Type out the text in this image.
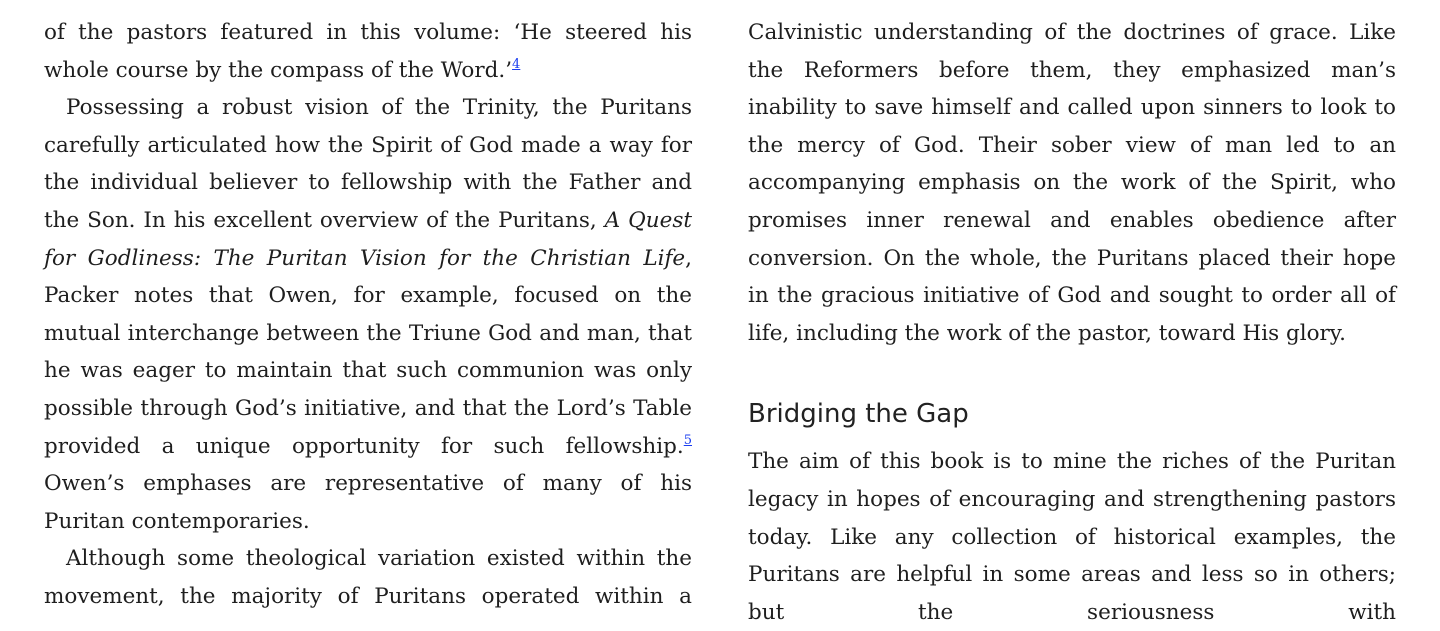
of the pastors featured in this volume: ‘He steered his whole course by the compass of the Word.’$^4$

Possessing a robust vision of the Trinity, the Puritans carefully articulated how the Spirit of God made a way for the individual believer to fellowship with the Father and the Son. In his excellent overview of the Puritans, A Quest for Godliness: The Puritan Vision for the Christian Life, Packer notes that Owen, for example, focused on the mutual interchange between the Triune God and man, that he was eager to maintain that such communion was only possible through God’s initiative, and that the Lord’s Table provided a unique opportunity for such fellowship.$^5$ Owen’s emphases are representative of many of his Puritan contemporaries.

Although some theological variation existed within the movement, the majority of Puritans operated within a

Calvinistic understanding of the doctrines of grace. Like the Reformers before them, they emphasized man’s inability to save himself and called upon sinners to look to the mercy of God. Their sober view of man led to an accompanying emphasis on the work of the Spirit, who promises inner renewal and enables obedience after conversion. On the whole, the Puritans placed their hope in the gracious initiative of God and sought to order all of life, including the work of the pastor, toward His glory.

Bridging the Gap

The aim of this book is to mine the riches of the Puritan legacy in hopes of encouraging and strengthening pastors today. Like any collection of historical examples, the Puritans are helpful in some areas and less so in others; but the seriousness with
